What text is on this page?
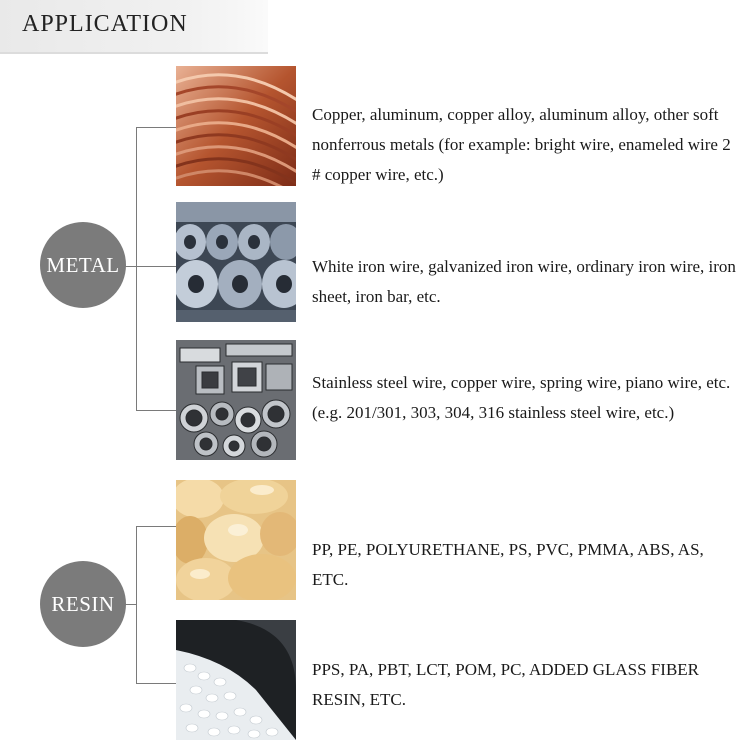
APPLICATION
METAL
RESIN
Copper, aluminum, copper alloy, aluminum alloy, other soft nonferrous metals (for example: bright wire, enameled wire 2 # copper wire, etc.)
White iron wire, galvanized iron wire, ordinary iron wire, iron sheet, iron bar, etc.
Stainless steel wire, copper wire, spring wire, piano wire, etc. (e.g. 201/301, 303, 304, 316 stainless steel wire, etc.)
PP, PE, POLYURETHANE, PS, PVC, PMMA, ABS, AS, ETC.
PPS, PA, PBT, LCT, POM, PC, ADDED GLASS FIBER RESIN, ETC.
